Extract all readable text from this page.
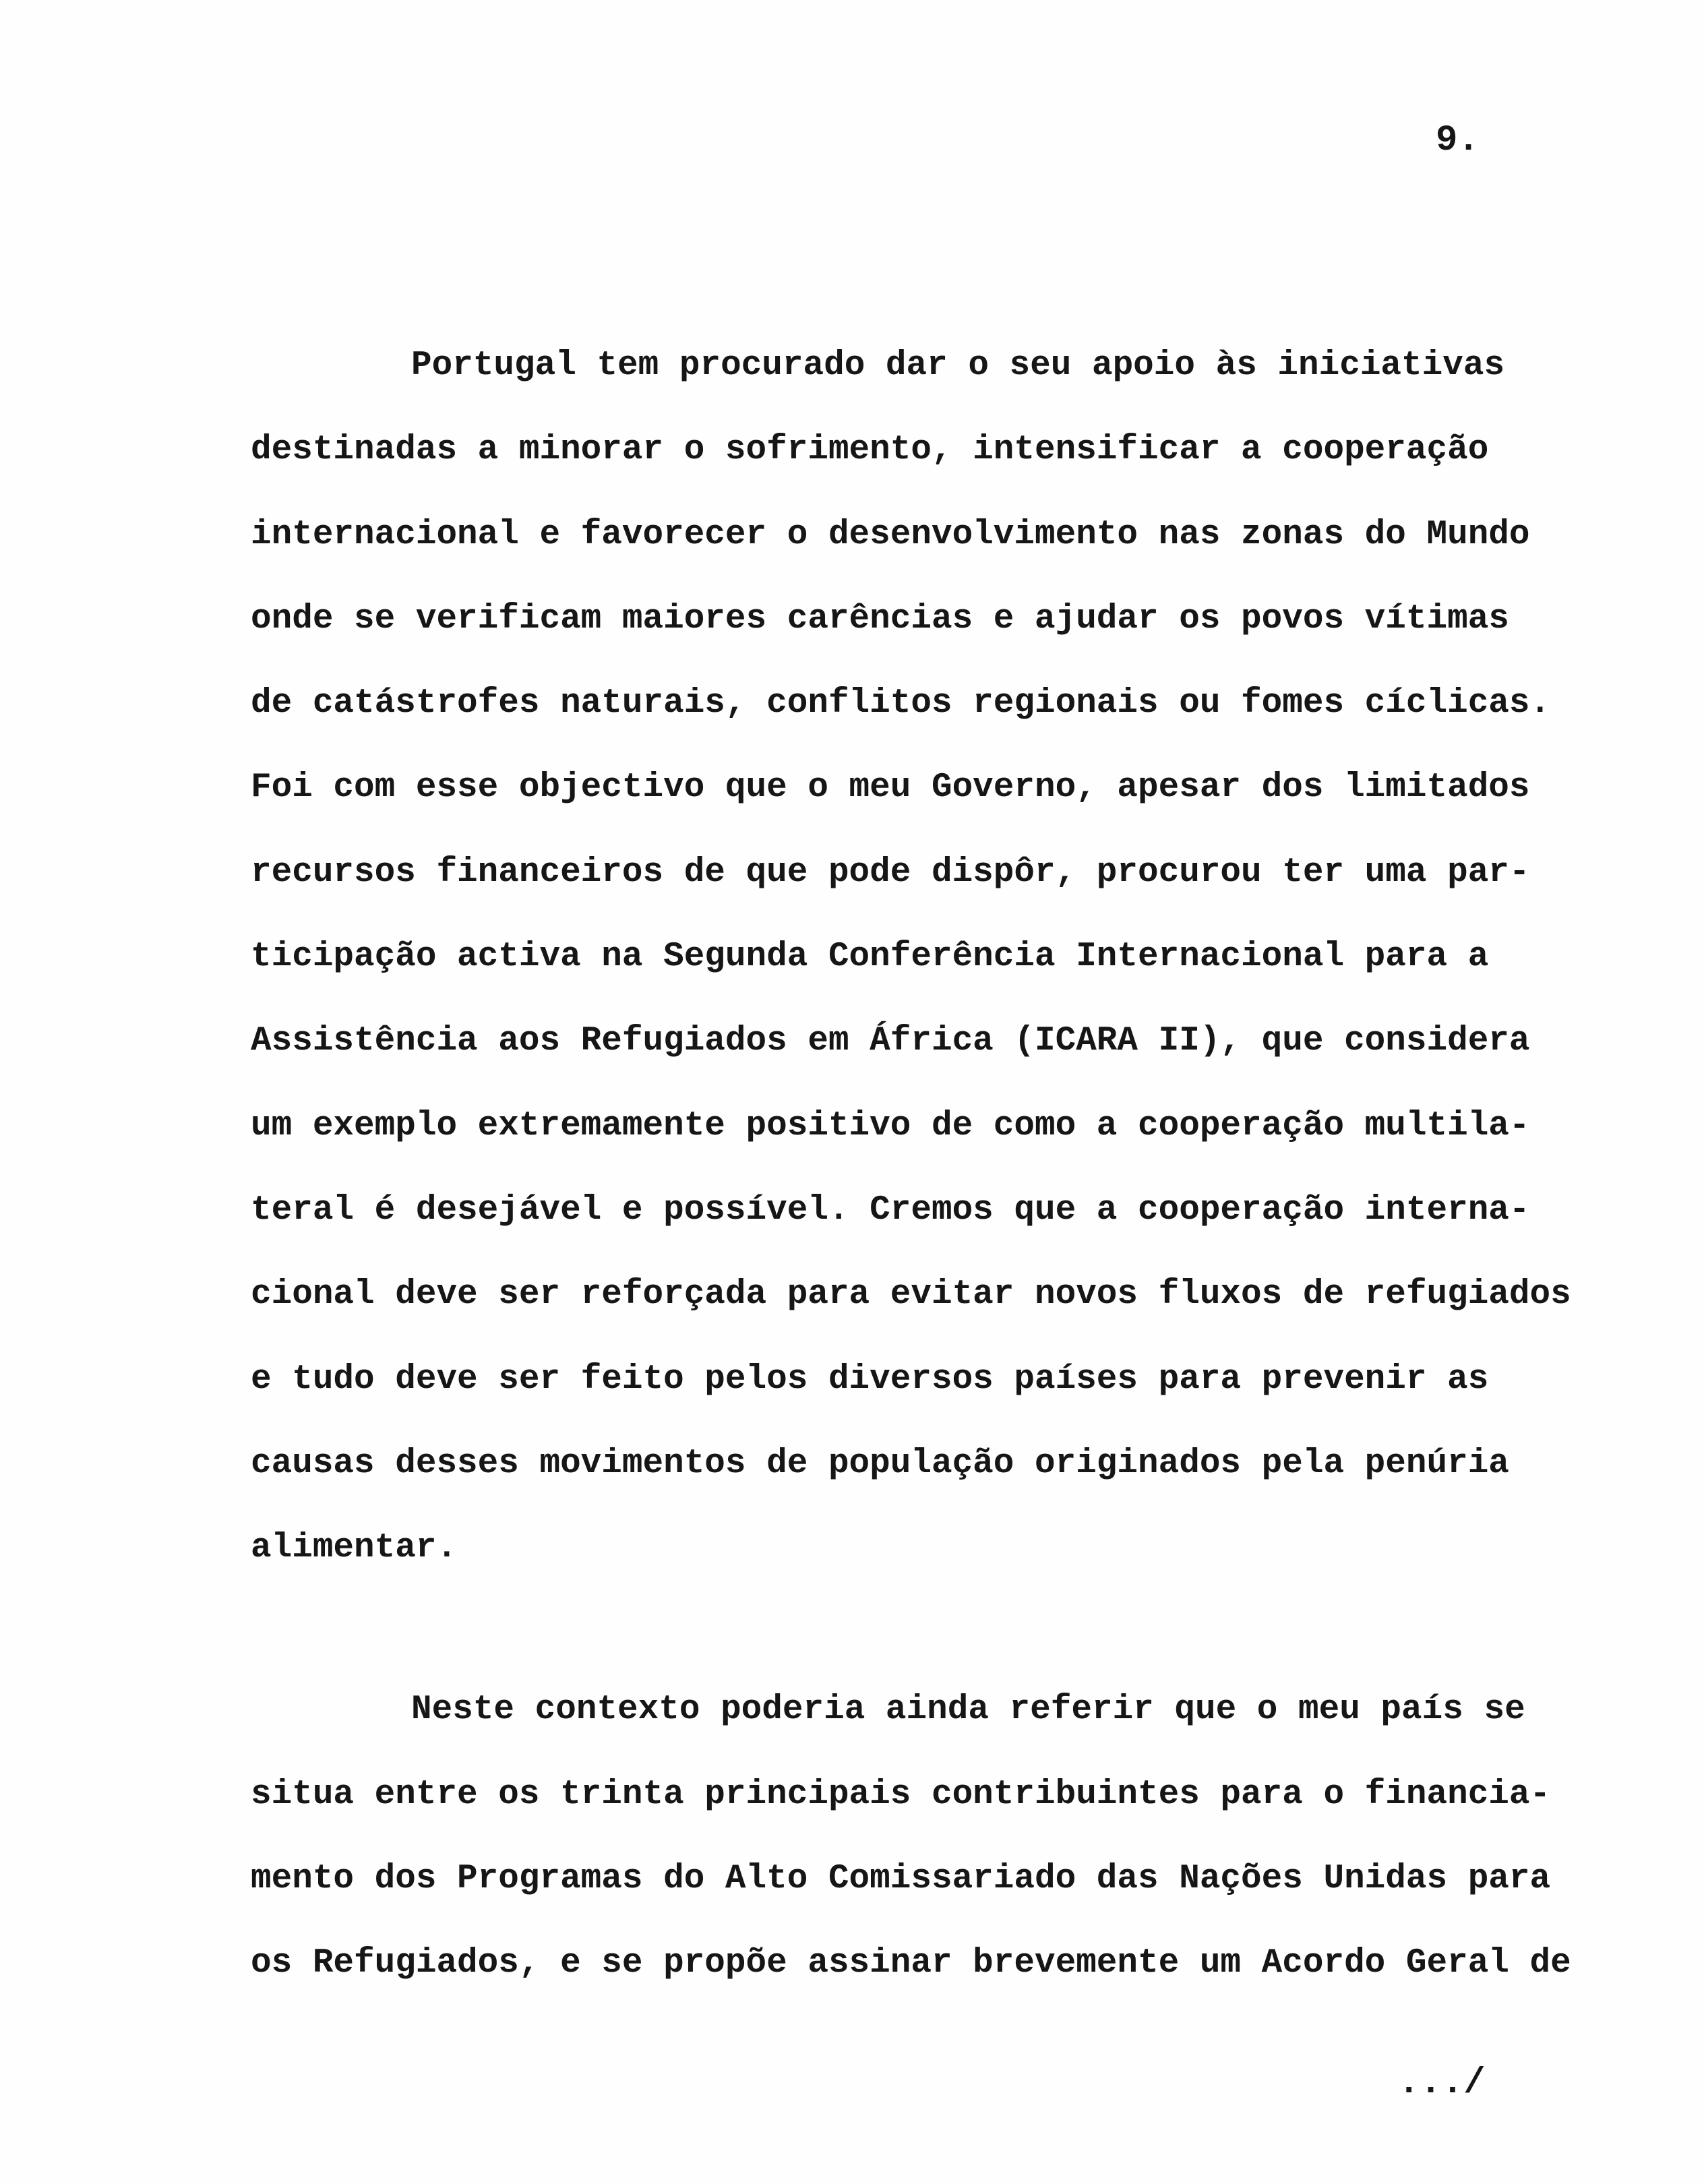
9.

Portugal tem procurado dar o seu apoio às iniciativas
destinadas a minorar o sofrimento, intensificar a cooperação
internacional e favorecer o desenvolvimento nas zonas do Mundo
onde se verificam maiores carências e ajudar os povos vítimas
de catástrofes naturais, conflitos regionais ou fomes cíclicas.
Foi com esse objectivo que o meu Governo, apesar dos limitados
recursos financeiros de que pode dispôr, procurou ter uma par-
ticipação activa na Segunda Conferência Internacional para a
Assistência aos Refugiados em África (ICARA II), que considera
um exemplo extremamente positivo de como a cooperação multila-
teral é desejável e possível. Cremos que a cooperação interna-
cional deve ser reforçada para evitar novos fluxos de refugiados
e tudo deve ser feito pelos diversos países para prevenir as
causas desses movimentos de população originados pela penúria
alimentar.

Neste contexto poderia ainda referir que o meu país se
situa entre os trinta principais contribuintes para o financia-
mento dos Programas do Alto Comissariado das Nações Unidas para
os Refugiados, e se propõe assinar brevemente um Acordo Geral de

.../
